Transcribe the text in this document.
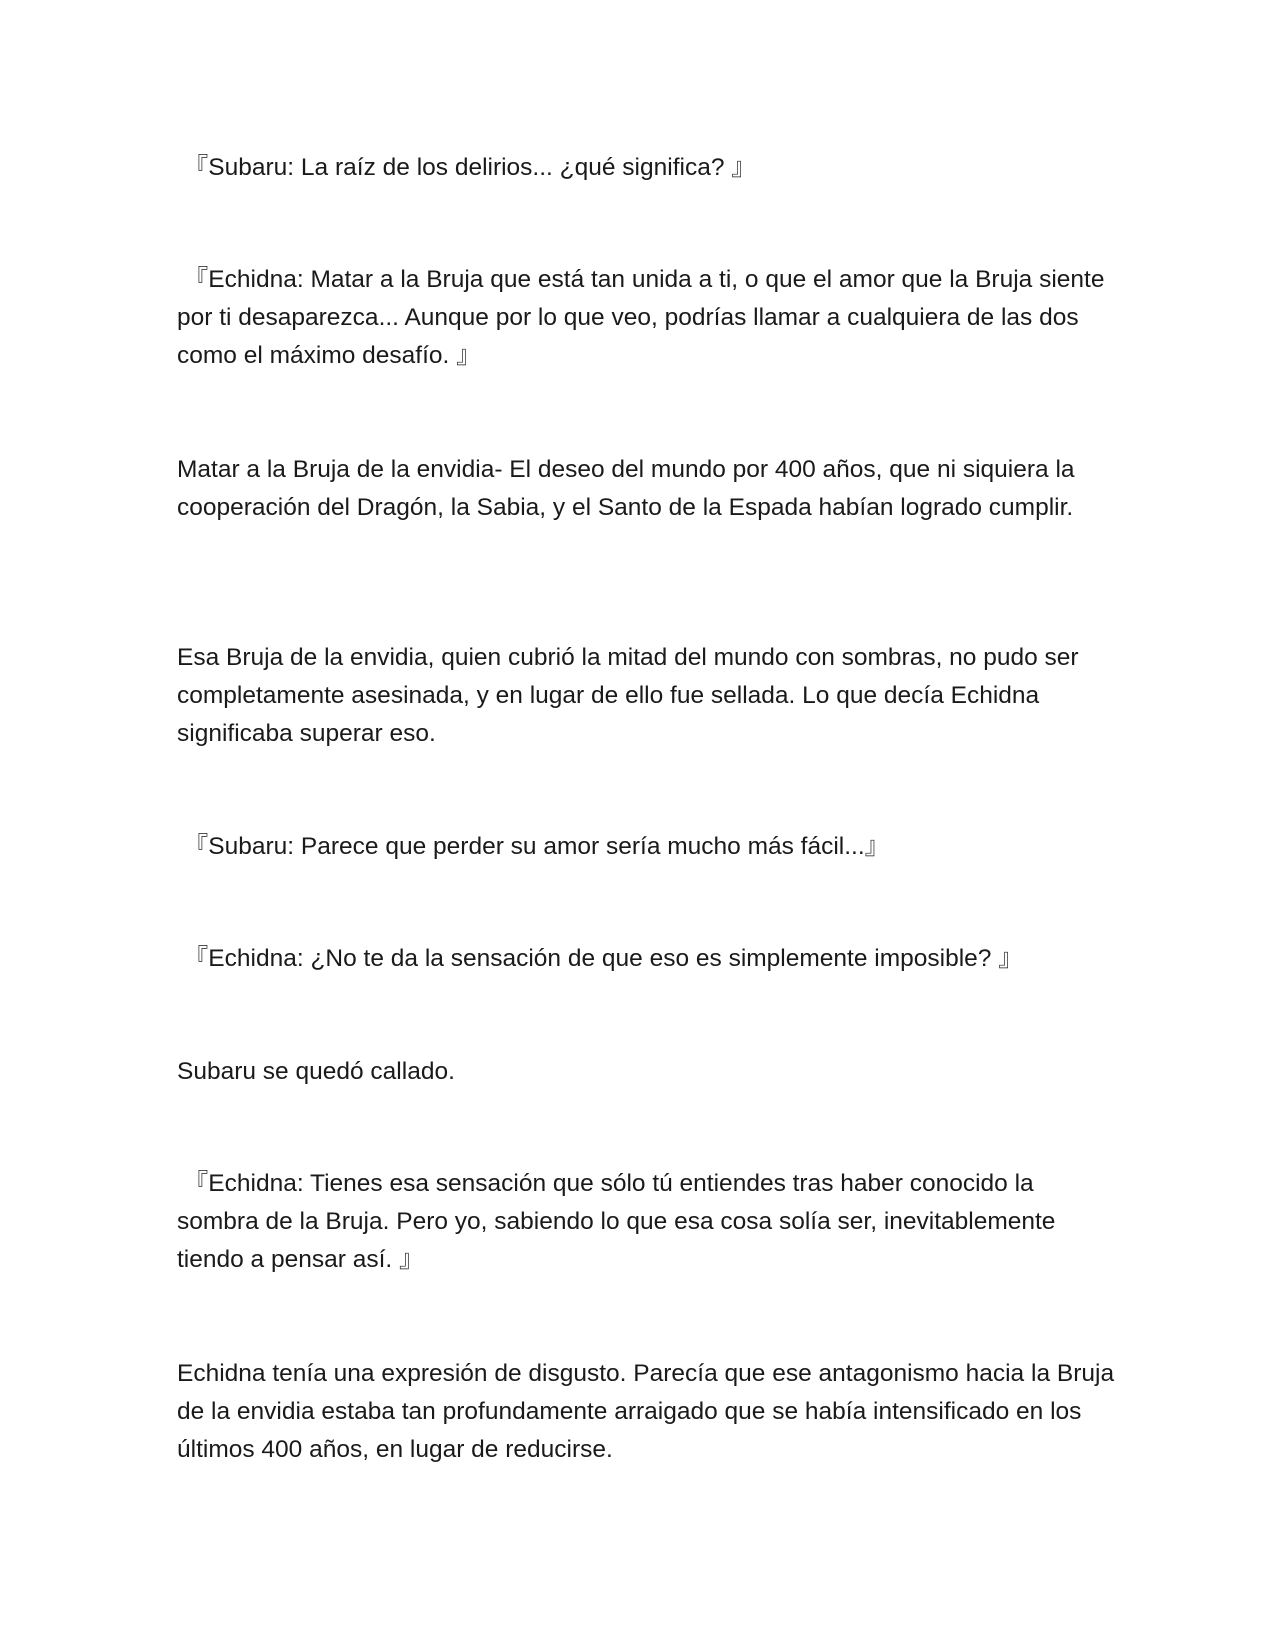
『Subaru: La raíz de los delirios... ¿qué significa? 』

『Echidna: Matar a la Bruja que está tan unida a ti, o que el amor que la Bruja siente por ti desaparezca... Aunque por lo que veo, podrías llamar a cualquiera de las dos como el máximo desafío. 』

Matar a la Bruja de la envidia- El deseo del mundo por 400 años, que ni siquiera la cooperación del Dragón, la Sabia, y el Santo de la Espada habían logrado cumplir.

Esa Bruja de la envidia, quien cubrió la mitad del mundo con sombras, no pudo ser completamente asesinada, y en lugar de ello fue sellada. Lo que decía Echidna significaba superar eso.

『Subaru: Parece que perder su amor sería mucho más fácil...』

『Echidna: ¿No te da la sensación de que eso es simplemente imposible? 』

Subaru se quedó callado.

『Echidna: Tienes esa sensación que sólo tú entiendes tras haber conocido la sombra de la Bruja. Pero yo, sabiendo lo que esa cosa solía ser, inevitablemente tiendo a pensar así. 』

Echidna tenía una expresión de disgusto. Parecía que ese antagonismo hacia la Bruja de la envidia estaba tan profundamente arraigado que se había intensificado en los últimos 400 años, en lugar de reducirse.
